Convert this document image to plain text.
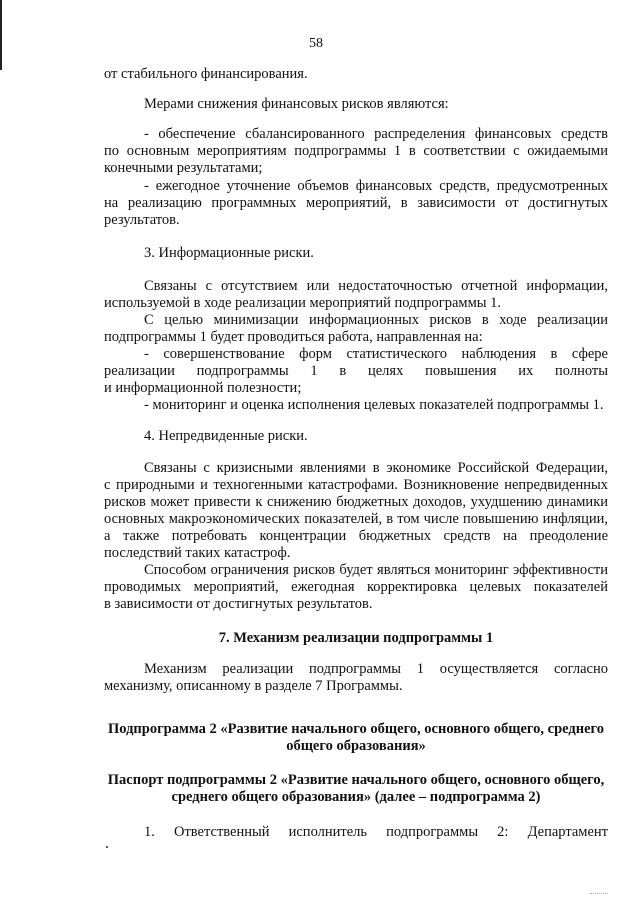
58
от стабильного финансирования.
Мерами снижения финансовых рисков являются:
- обеспечение сбалансированного распределения финансовых средств
по основным мероприятиям подпрограммы 1 в соответствии с ожидаемыми
конечными результатами;
- ежегодное уточнение объемов финансовых средств, предусмотренных
на реализацию программных мероприятий, в зависимости от достигнутых
результатов.
3. Информационные риски.
Связаны с отсутствием или недостаточностью отчетной информации,
используемой в ходе реализации мероприятий подпрограммы 1.
С целью минимизации информационных рисков в ходе реализации
подпрограммы 1 будет проводиться работа, направленная на:
- совершенствование форм статистического наблюдения в сфере
реализации подпрограммы 1 в целях повышения их полноты
и информационной полезности;
- мониторинг и оценка исполнения целевых показателей подпрограммы 1.
4. Непредвиденные риски.
Связаны с кризисными явлениями в экономике Российской Федерации,
с природными и техногенными катастрофами. Возникновение непредвиденных
рисков может привести к снижению бюджетных доходов, ухудшению динамики
основных макроэкономических показателей, в том числе повышению инфляции,
а также потребовать концентрации бюджетных средств на преодоление
последствий таких катастроф.
Способом ограничения рисков будет являться мониторинг эффективности
проводимых мероприятий, ежегодная корректировка целевых показателей
в зависимости от достигнутых результатов.
7. Механизм реализации подпрограммы 1
Механизм реализации подпрограммы 1 осуществляется согласно
механизму, описанному в разделе 7 Программы.
Подпрограмма 2 «Развитие начального общего, основного общего, среднего
общего образования»
Паспорт подпрограммы 2 «Развитие начального общего, основного общего,
среднего общего образования» (далее – подпрограмма 2)
1. Ответственный исполнитель подпрограммы 2: Департамент
